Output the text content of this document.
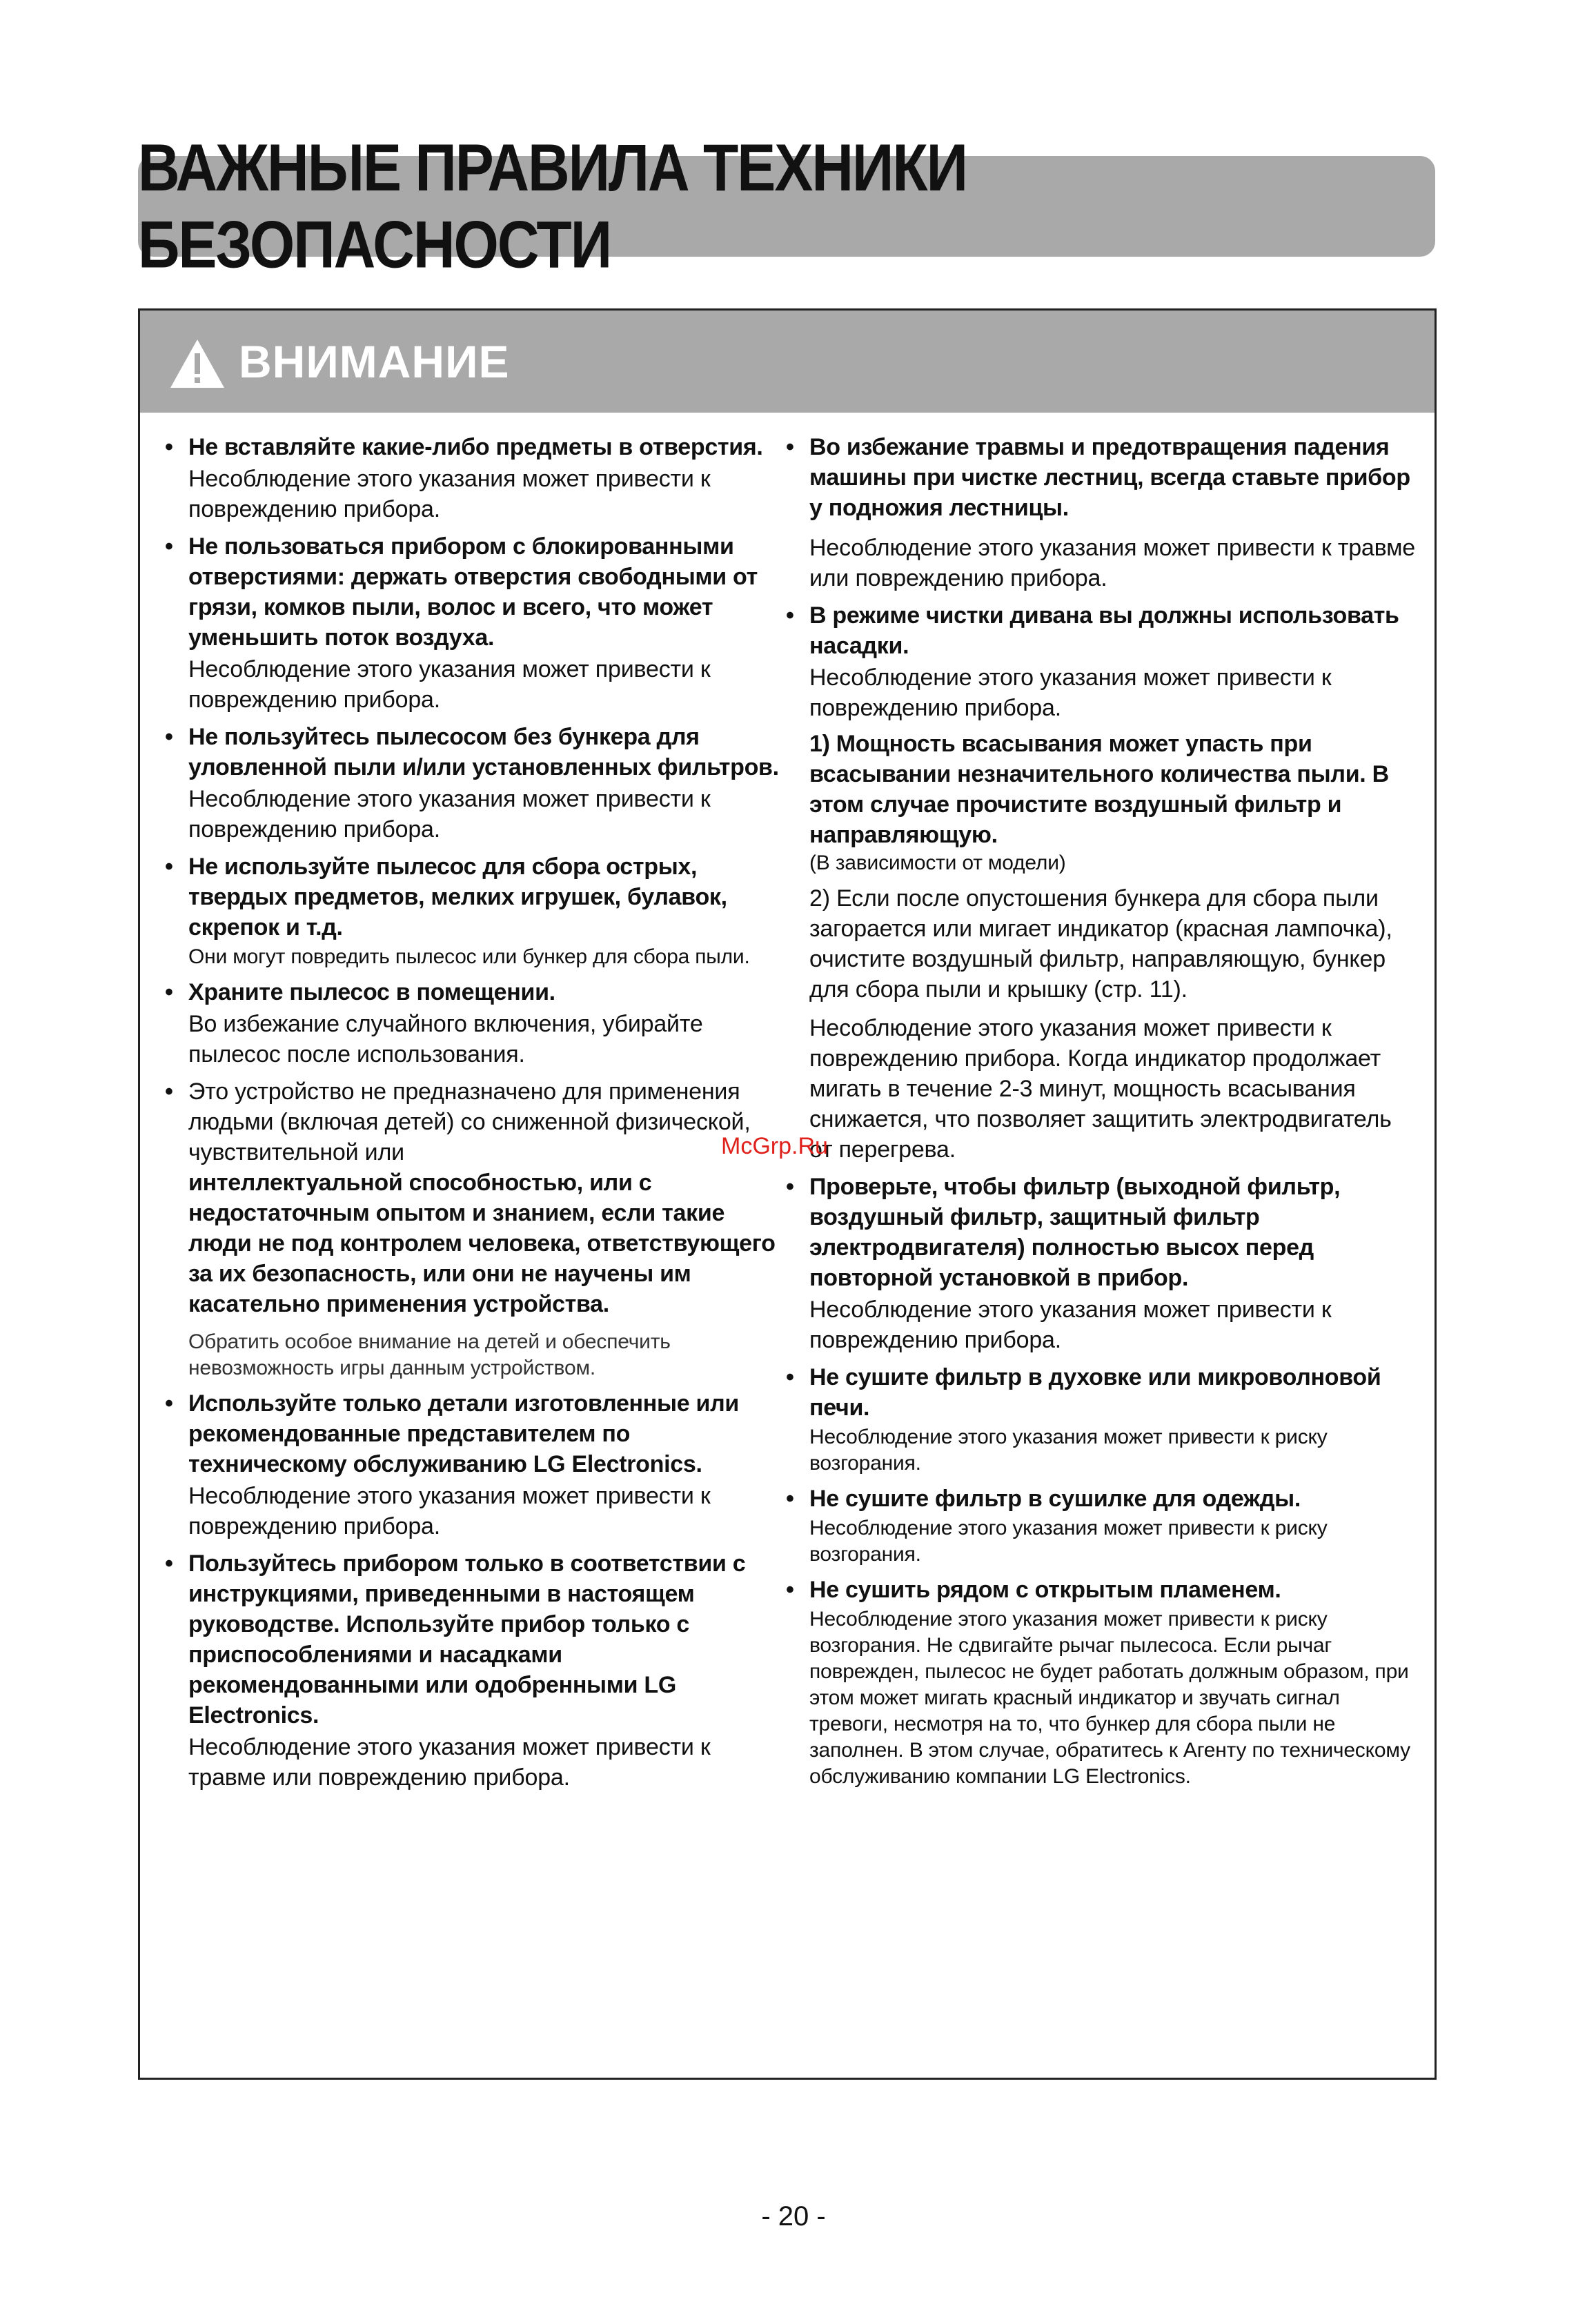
ВАЖНЫЕ ПРАВИЛА ТЕХНИКИ БЕЗОПАСНОСТИ
ВНИМАНИЕ
• Не вставляйте какие-либо предметы в отверстия.

Несоблюдение этого указания может привести к повреждению прибора.

• Не пользоваться прибором с блокированными отверстиями: держать отверстия свободными от грязи, комков пыли, волос и всего, что может уменьшить поток воздуха.

Несоблюдение этого указания может привести к повреждению прибора.

• Не пользуйтесь пылесосом без бункера для уловленной пыли и/или установленных фильтров.

Несоблюдение этого указания может привести к повреждению прибора.

• Не используйте пылесос для сбора острых, твердых предметов, мелких игрушек, булавок, скрепок и т.д.

Они могут повредить пылесос или бункер для сбора пыли.

• Храните пылесос в помещении.

Во избежание случайного включения, убирайте пылесос после использования.

• Это устройство не предназначено для применения людьми (включая детей) со сниженной физической, чувствительной или

интеллектуальной способностью, или с недостаточным опытом и знанием, если такие люди не под контролем человека, ответствующего за их безопасность, или они не научены им касательно применения устройства.

Обратить особое внимание на детей и обеспечить невозможность игры данным устройством.

• Используйте только детали изготовленные или рекомендованные представителем по техническому обслуживанию LG Electronics.

Несоблюдение этого указания может привести к повреждению прибора.

• Пользуйтесь прибором только в соответствии с инструкциями, приведенными в настоящем руководстве. Используйте прибор только с приспособлениями и насадками рекомендованными или одобренными LG Electronics.

Несоблюдение этого указания может привести к травме или повреждению прибора.

• Во избежание травмы и предотвращения падения машины при чистке лестниц, всегда ставьте прибор у подножия лестницы.

Несоблюдение этого указания может привести к травме или повреждению прибора.

• В режиме чистки дивана вы должны использовать насадки.

Несоблюдение этого указания может привести к повреждению прибора.

1) Мощность всасывания может упасть при всасывании незначительного количества пыли. В этом случае прочистите воздушный фильтр и направляющую.

(В зависимости от модели)

2) Если после опустошения бункера для сбора пыли загорается или мигает индикатор (красная лампочка), очистите воздушный фильтр, направляющую, бункер для сбора пыли и крышку (стр. 11).

Несоблюдение этого указания может привести к повреждению прибора. Когда индикатор продолжает мигать в течение 2-3 минут, мощность всасывания снижается, что позволяет защитить электродвигатель от перегрева.

• Проверьте, чтобы фильтр (выходной фильтр, воздушный фильтр, защитный фильтр электродвигателя) полностью высох перед повторной установкой в прибор.

Несоблюдение этого указания может привести к повреждению прибора.

• Не сушите фильтр в духовке или микроволновой печи.

Несоблюдение этого указания может привести к риску возгорания.

• Не сушите фильтр в сушилке для одежды.

Несоблюдение этого указания может привести к риску возгорания.

• Не сушить рядом с открытым пламенем.

Несоблюдение этого указания может привести к риску возгорания. Не сдвигайте рычаг пылесоса. Если рычаг поврежден, пылесос не будет работать должным образом, при этом может мигать красный индикатор и звучать сигнал тревоги, несмотря на то, что бункер для сбора пыли не заполнен. В этом случае, обратитесь к Агенту по техническому обслуживанию компании LG Electronics.

McGrp.Ru
- 20 -
